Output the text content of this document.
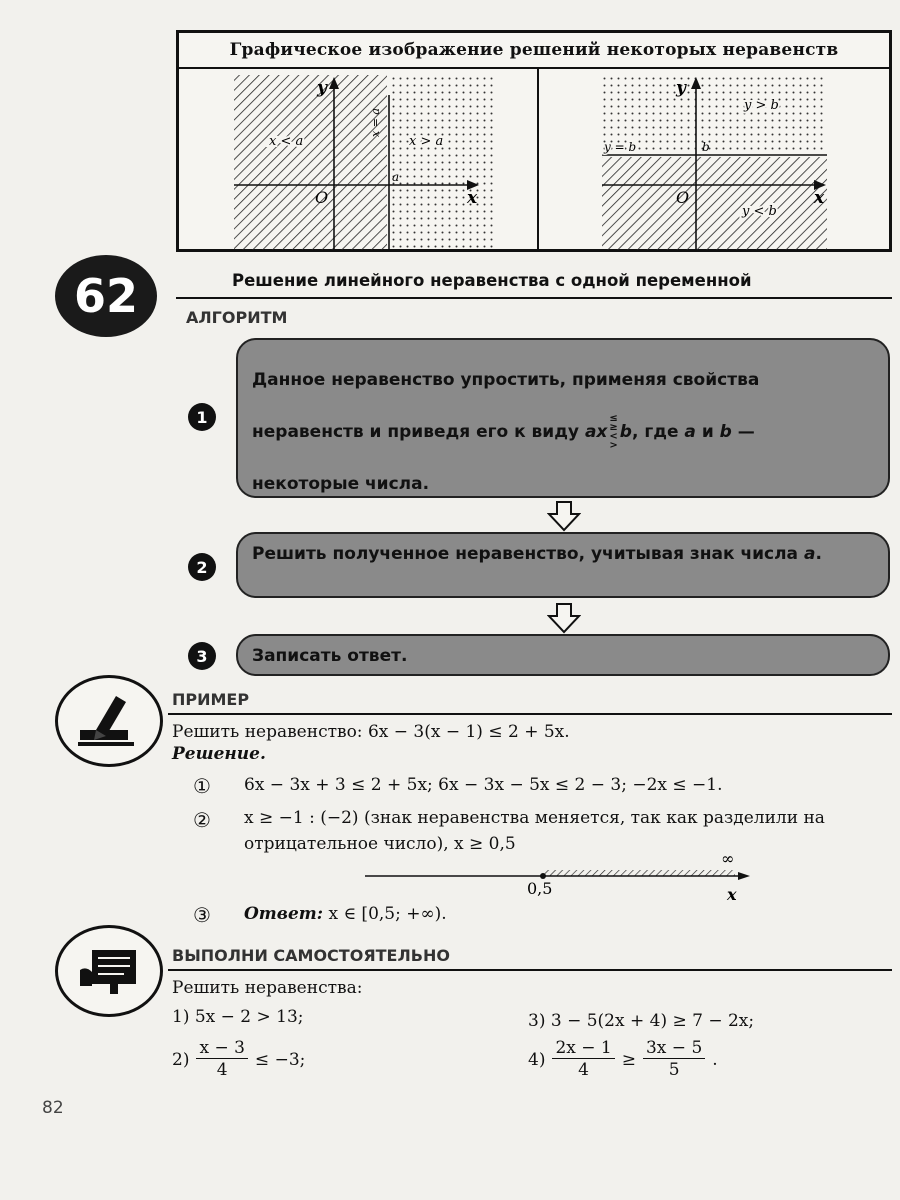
Графическое изображение решений некоторых неравенств
y
x
O
x < a	x > a
x = a
a
y
x
O
y > b
y < b
y = b	b
62	Решение линейного неравенства с одной переменной
АЛГОРИТМ
1
Данное неравенство упростить, применяя свойства
неравенств и приведя его к виду ax
≤
≥
<
>
b, где a и b —
некоторые числа.
2
Решить полученное неравенство, учитывая знак числа a.
3	Записать ответ.
ПРИМЕР
Решить неравенство: 6x − 3(x − 1) ≤ 2 + 5x.
Решение.
① 6x − 3x + 3 ≤ 2 + 5x; 6x − 3x − 5x ≤ 2 − 3; −2x ≤ −1.
② x ≥ −1 : (−2) (знак неравенства меняется, так как разделили на отрицательное число), x ≥ 0,5
0,5
∞
x
③ Ответ: x ∈ [0,5; +∞).
ВЫПОЛНИ САМОСТОЯТЕЛЬНО
Решить неравенства:
1) 5x − 2 > 13;	3) 3 − 5(2x + 4) ≥ 7 − 2x;
$2) \frac{x - 3}{4} \le -3$;	$4) \frac{2x - 1}{4} \ge \frac{3x - 5}{5}$ .
82
